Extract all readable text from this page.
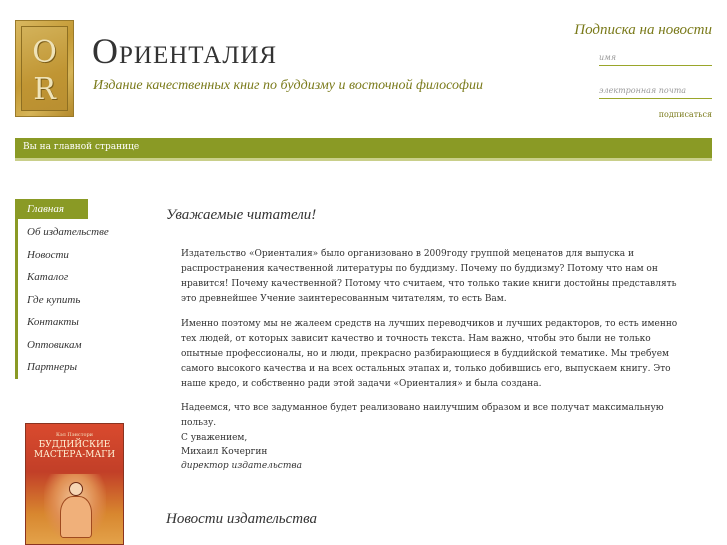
O
R
Ориенталия

Издание качественных книг по буддизму и восточной философии

Подписка на новости
имя
электронная почта
подписаться
Вы на главной странице
Главная
Об издательстве
Новости
Каталог
Где купить
Контакты
Оптовикам
Партнеры
Кэл Пэнстори
БУДДИЙСКИЕ МАСТЕРА-МАГИ
Уважаемые читатели!

Издательство «Ориенталия» было организовано в 2009году группой меценатов для выпуска и распространения качественной литературы по буддизму. Почему по буддизму? Потому что нам он нравится! Почему качественной? Потому что считаем, что только такие книги достойны представлять это древнейшее Учение заинтересованным читателям, то есть Вам.

Именно поэтому мы не жалеем средств на лучших переводчиков и лучших редакторов, то есть именно тех людей, от которых зависит качество и точность текста. Нам важно, чтобы это были не только опытные профессионалы, но и люди, прекрасно разбирающиеся в буддийской тематике. Мы требуем самого высокого качества и на всех остальных этапах и, только добившись его, выпускаем книгу. Это наше кредо, и собственно ради этой задачи «Ориенталия» и была создана.

Надеемся, что все задуманное будет реализовано наилучшим образом и все получат максимальную пользу.

С уважением,
Михаил Кочергин
директор издательства
Новости издательства
